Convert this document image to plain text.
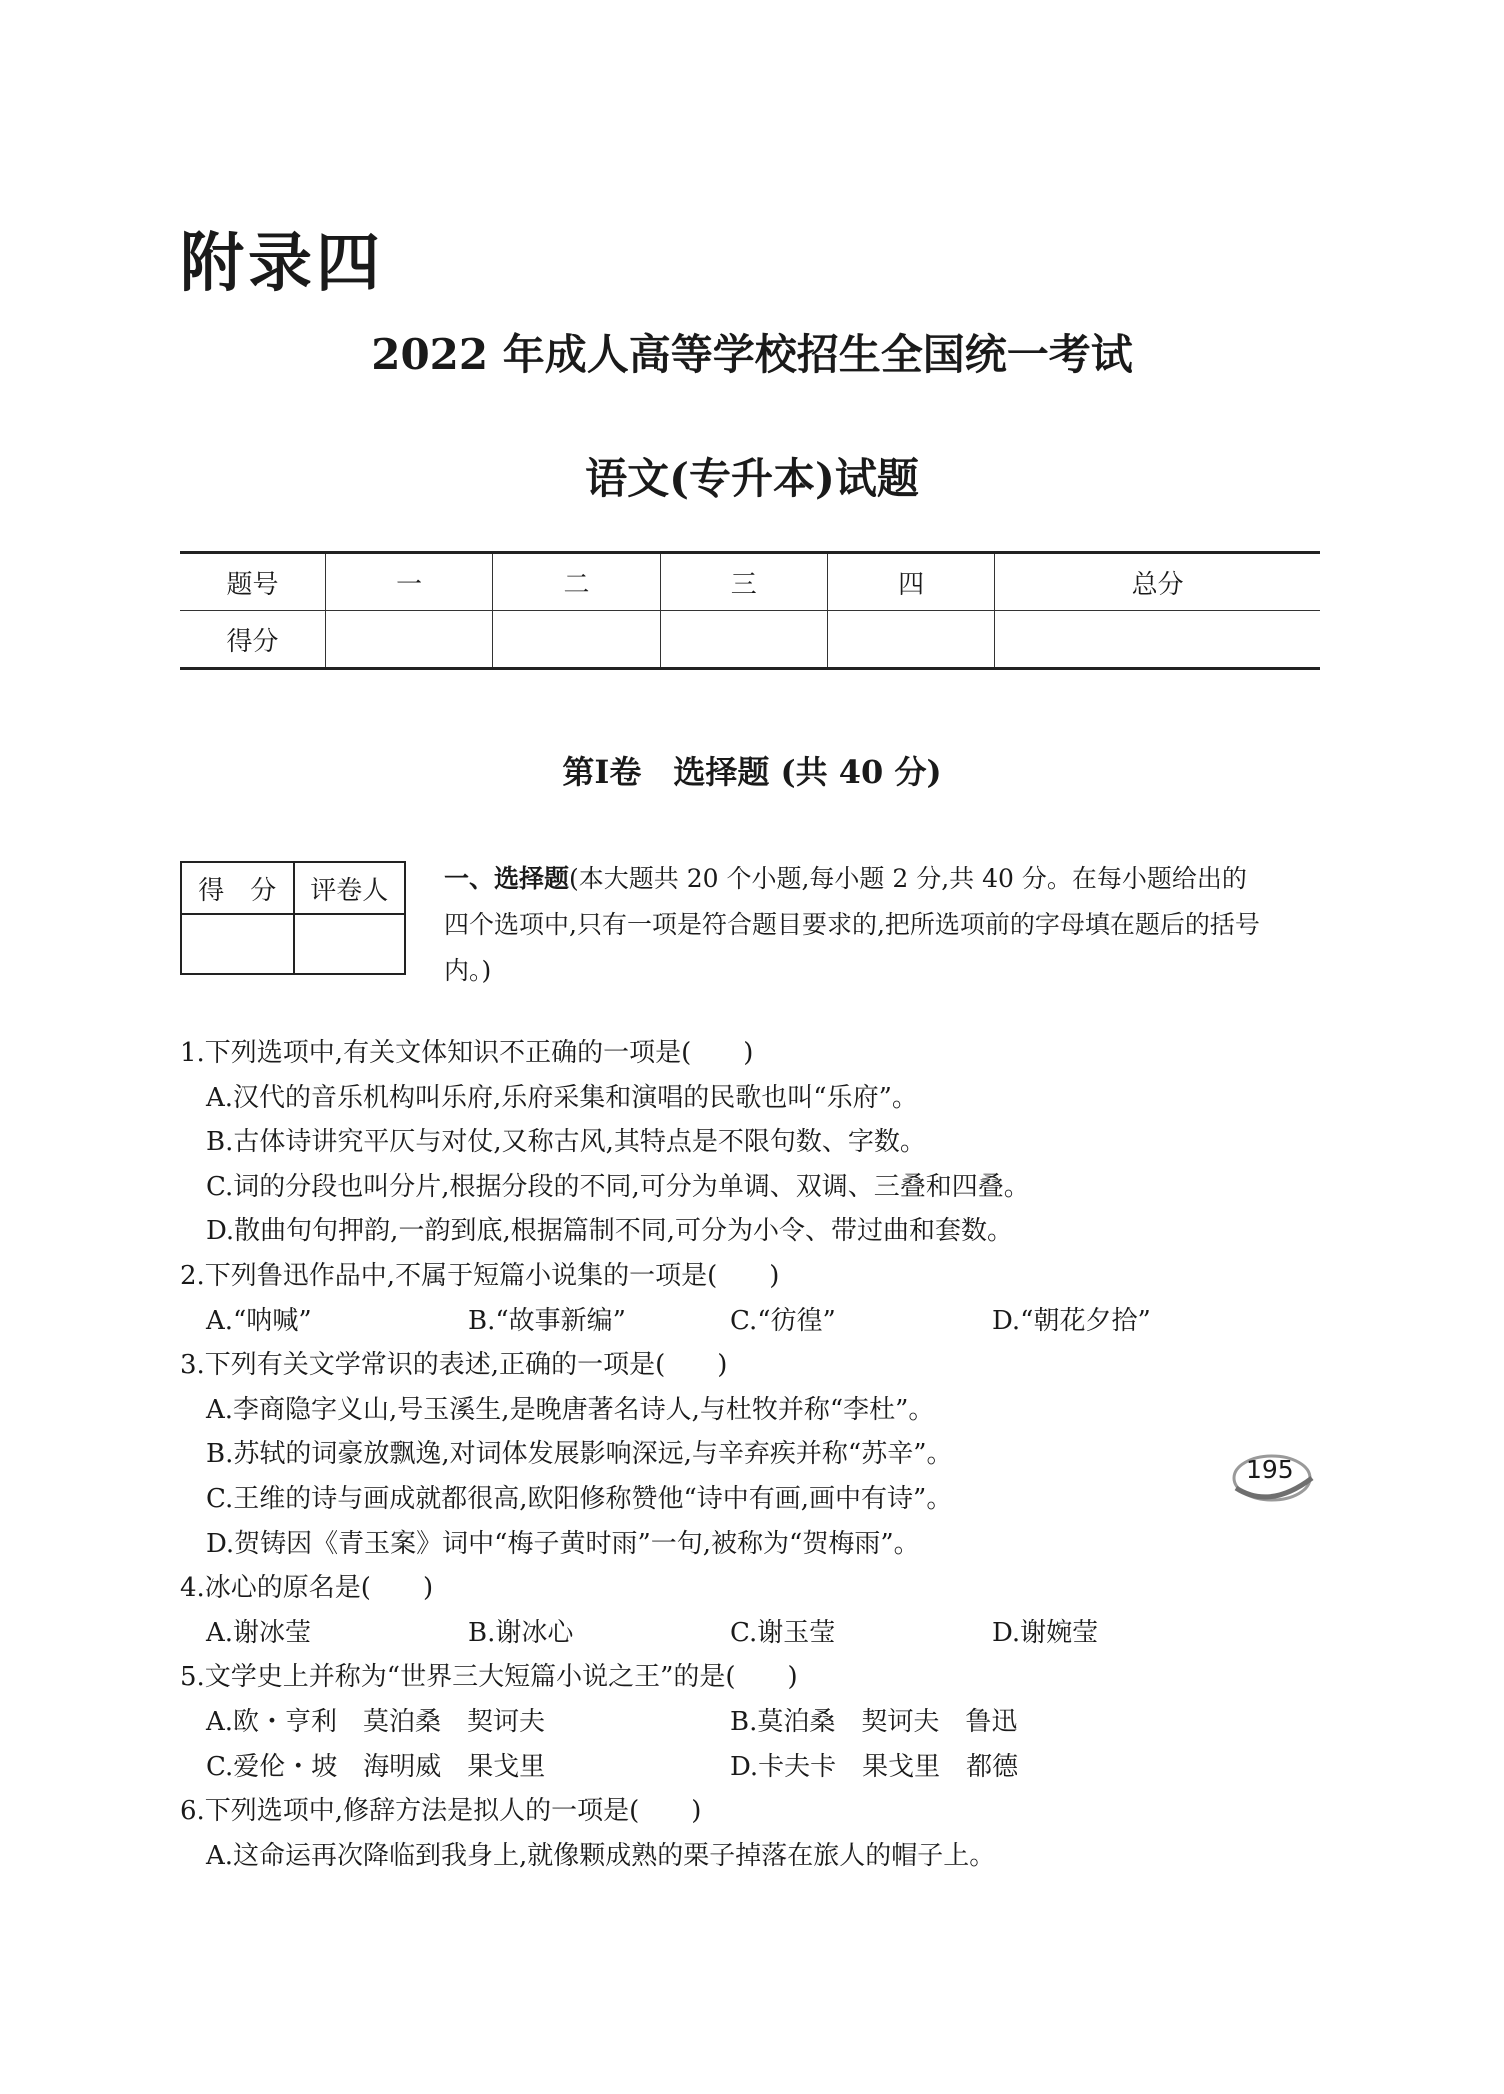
附录四
2022 年成人高等学校招生全国统一考试
语文(专升本)试题
题号	一	二	三	四	总分
得分					
第Ⅰ卷　选择题 (共 40 分)
得　分	评卷人
	一、选择题(本大题共 20 个小题,每小题 2 分,共 40 分。在每小题给出的四个选项中,只有一项是符合题目要求的,把所选项前的字母填在题后的括号内。)

1.下列选项中,有关文体知识不正确的一项是(　　)

A.汉代的音乐机构叫乐府,乐府采集和演唱的民歌也叫“乐府”。

B.古体诗讲究平仄与对仗,又称古风,其特点是不限句数、字数。

C.词的分段也叫分片,根据分段的不同,可分为单调、双调、三叠和四叠。

D.散曲句句押韵,一韵到底,根据篇制不同,可分为小令、带过曲和套数。

2.下列鲁迅作品中,不属于短篇小说集的一项是(　　)

A.“呐喊”	B.“故事新编”	C.“彷徨”	D.“朝花夕拾”

3.下列有关文学常识的表述,正确的一项是(　　)

A.李商隐字义山,号玉溪生,是晚唐著名诗人,与杜牧并称“李杜”。

B.苏轼的词豪放飘逸,对词体发展影响深远,与辛弃疾并称“苏辛”。

C.王维的诗与画成就都很高,欧阳修称赞他“诗中有画,画中有诗”。

D.贺铸因《青玉案》词中“梅子黄时雨”一句,被称为“贺梅雨”。

4.冰心的原名是(　　)

A.谢冰莹	B.谢冰心	C.谢玉莹	D.谢婉莹

5.文学史上并称为“世界三大短篇小说之王”的是(　　)

A.欧・亨利　莫泊桑　契诃夫	B.莫泊桑　契诃夫　鲁迅
C.爱伦・坡　海明威　果戈里	D.卡夫卡　果戈里　都德

6.下列选项中,修辞方法是拟人的一项是(　　)

A.这命运再次降临到我身上,就像颗成熟的栗子掉落在旅人的帽子上。

195
